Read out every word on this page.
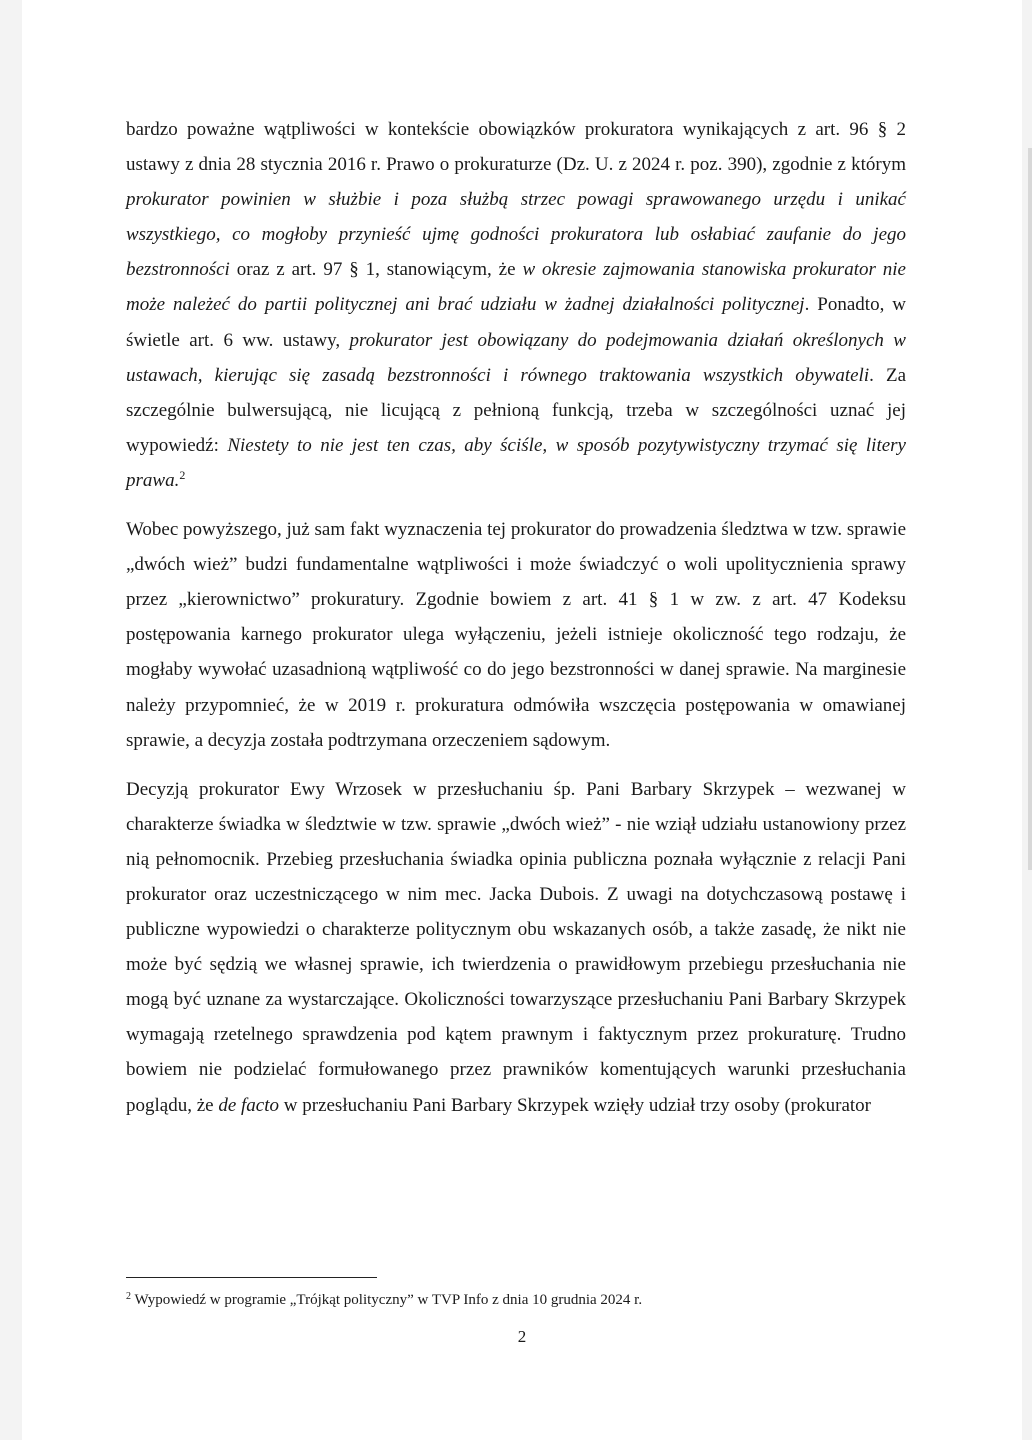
bardzo poważne wątpliwości w kontekście obowiązków prokuratora wynikających z art. 96 § 2 ustawy z dnia 28 stycznia 2016 r. Prawo o prokuraturze (Dz. U. z 2024 r. poz. 390), zgodnie z którym prokurator powinien w służbie i poza służbą strzec powagi sprawowanego urzędu i unikać wszystkiego, co mogłoby przynieść ujmę godności prokuratora lub osłabiać zaufanie do jego bezstronności oraz z art. 97 § 1, stanowiącym, że w okresie zajmowania stanowiska prokurator nie może należeć do partii politycznej ani brać udziału w żadnej działalności politycznej. Ponadto, w świetle art. 6 ww. ustawy, prokurator jest obowiązany do podejmowania działań określonych w ustawach, kierując się zasadą bezstronności i równego traktowania wszystkich obywateli. Za szczególnie bulwersującą, nie licującą z pełnioną funkcją, trzeba w szczególności uznać jej wypowiedź: Niestety to nie jest ten czas, aby ściśle, w sposób pozytywistyczny trzymać się litery prawa.$^2$

Wobec powyższego, już sam fakt wyznaczenia tej prokurator do prowadzenia śledztwa w tzw. sprawie „dwóch wież” budzi fundamentalne wątpliwości i może świadczyć o woli upolitycznienia sprawy przez „kierownictwo” prokuratury. Zgodnie bowiem z art. 41 § 1 w zw. z art. 47 Kodeksu postępowania karnego prokurator ulega wyłączeniu, jeżeli istnieje okoliczność tego rodzaju, że mogłaby wywołać uzasadnioną wątpliwość co do jego bezstronności w danej sprawie. Na marginesie należy przypomnieć, że w 2019 r. prokuratura odmówiła wszczęcia postępowania w omawianej sprawie, a decyzja została podtrzymana orzeczeniem sądowym.

Decyzją prokurator Ewy Wrzosek w przesłuchaniu śp. Pani Barbary Skrzypek – wezwanej w charakterze świadka w śledztwie w tzw. sprawie „dwóch wież” - nie wziął udziału ustanowiony przez nią pełnomocnik. Przebieg przesłuchania świadka opinia publiczna poznała wyłącznie z relacji Pani prokurator oraz uczestniczącego w nim mec. Jacka Dubois. Z uwagi na dotychczasową postawę i publiczne wypowiedzi o charakterze politycznym obu wskazanych osób, a także zasadę, że nikt nie może być sędzią we własnej sprawie, ich twierdzenia o prawidłowym przebiegu przesłuchania nie mogą być uznane za wystarczające. Okoliczności towarzyszące przesłuchaniu Pani Barbary Skrzypek wymagają rzetelnego sprawdzenia pod kątem prawnym i faktycznym przez prokuraturę. Trudno bowiem nie podzielać formułowanego przez prawników komentujących warunki przesłuchania poglądu, że de facto w przesłuchaniu Pani Barbary Skrzypek wzięły udział trzy osoby (prokurator

$^2$ Wypowiedź w programie „Trójkąt polityczny” w TVP Info z dnia 10 grudnia 2024 r.
2
